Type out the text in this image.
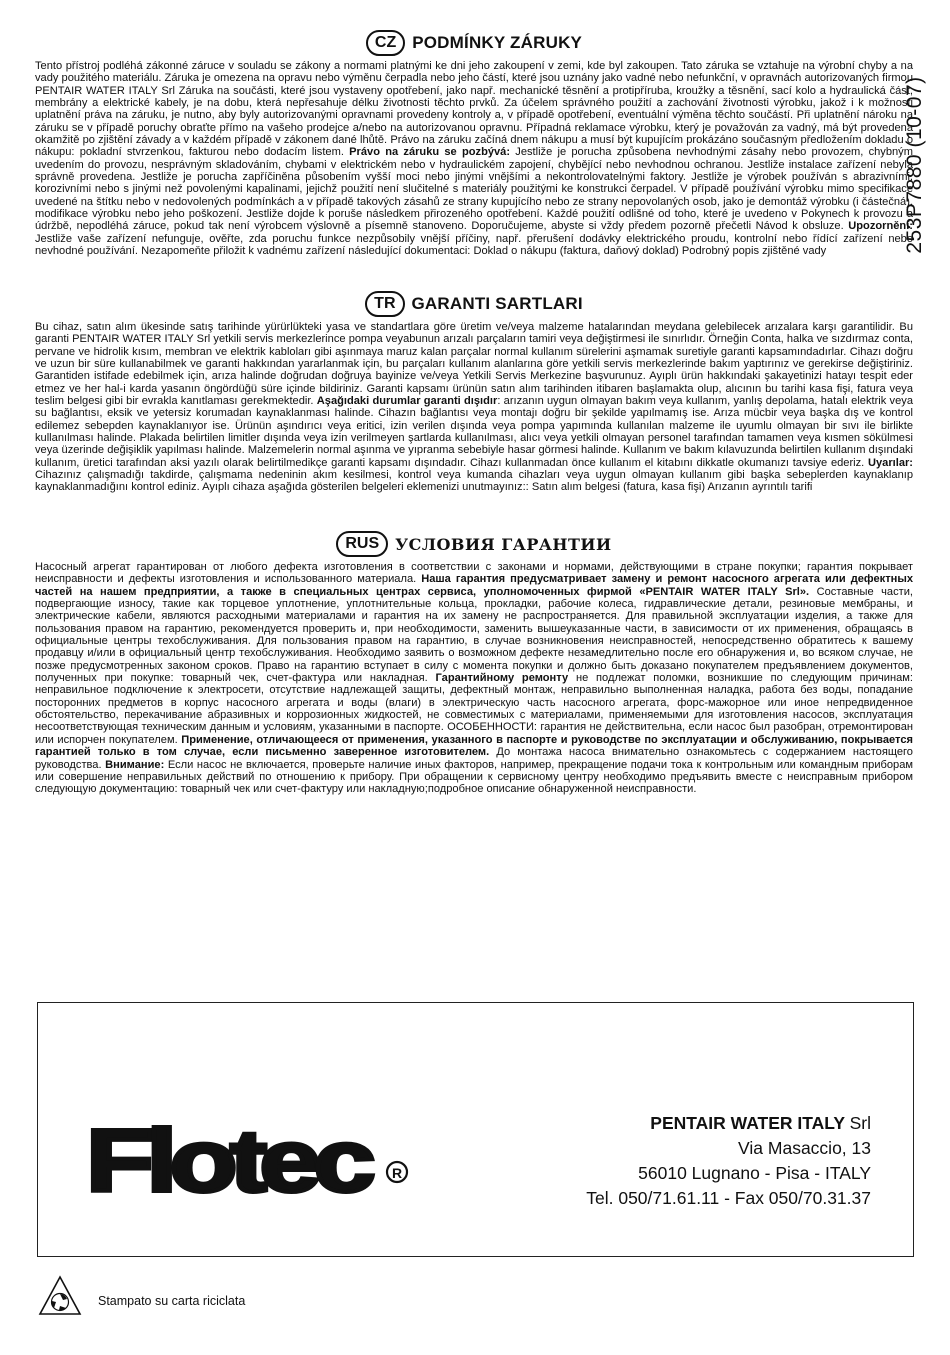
253P7880 (10-07)
CZ PODMÍNKY ZÁRUKY

Tento přístroj podléhá zákonné záruce v souladu se zákony a normami platnými ke dni jeho zakoupení v zemi, kde byl zakoupen. Tato záruka se vztahuje na výrobní chyby a na vady použitého materiálu. Záruka je omezena na opravu nebo výměnu čerpadla nebo jeho částí, které jsou uznány jako vadné nebo nefunkční, v opravnách autorizovaných firmou PENTAIR WATER ITALY Srl Záruka na součásti, které jsou vystaveny opotřebení, jako např. mechanické těsnění a protipříruba, kroužky a těsnění, sací kolo a hydraulická část, membrány a elektrické kabely, je na dobu, která nepřesahuje délku životnosti těchto prvků. Za účelem správného použití a zachování životnosti výrobku, jakož i k možnosti uplatnění práva na záruku, je nutno, aby byly autorizovanými opravnami provedeny kontroly a, v případě opotřebení, eventuální výměna těchto součástí. Při uplatnění nároku na záruku se v případě poruchy obraťte přímo na vašeho prodejce a/nebo na autorizovanou opravnu. Případná reklamace výrobku, který je považován za vadný, má být provedena okamžitě po zjištění závady a v každém případě v zákonem dané lhůtě. Právo na záruku začíná dnem nákupu a musí být kupujícím prokázáno současným předložením dokladu o nákupu: pokladní stvrzenkou, fakturou nebo dodacím listem. Právo na záruku se pozbývá: Jestliže je porucha způsobena nevhodnými zásahy nebo provozem, chybným uvedením do provozu, nesprávným skladováním, chybami v elektrickém nebo v hydraulickém zapojení, chybějící nebo nevhodnou ochranou. Jestliže instalace zařízení nebyla správně provedena. Jestliže je porucha zapříčiněna působením vyšší moci nebo jinými vnějšími a nekontrolovatelnými faktory. Jestliže je výrobek používán s abrazivními, korozivními nebo s jinými než povolenými kapalinami, jejichž použití není slučitelné s materiály použitými ke konstrukci čerpadel. V případě používání výrobku mimo specifikace uvedené na štítku nebo v nedovolených podmínkách a v případě takových zásahů ze strany kupujícího nebo ze strany nepovolaných osob, jako je demontáž výrobku (i částečná), modifikace výrobku nebo jeho poškození. Jestliže dojde k poruše následkem přirozeného opotřebení. Každé použití odlišné od toho, které je uvedeno v Pokynech k provozu a údržbě, nepodléhá záruce, pokud tak není výrobcem výslovně a písemně stanoveno. Doporučujeme, abyste si vždy předem pozorně přečetli Návod k obsluze. Upozornění: Jestliže vaše zařízení nefunguje, ověřte, zda poruchu funkce nezpůsobily vnější příčiny, např. přerušení dodávky elektrického proudu, kontrolní nebo řídící zařízení nebo nevhodné používání. Nezapomeňte přiložit k vadnému zařízení následující dokumentaci: Doklad o nákupu (faktura, daňový doklad) Podrobný popis zjištěné vady

TR GARANTI SARTLARI

Bu cihaz, satın alım ükesinde satış tarihinde yürürlükteki yasa ve standartlara göre üretim ve/veya malzeme hatalarından meydana gelebilecek arızalara karşı garantilidir. Bu garanti PENTAIR WATER ITALY Srl yetkili servis merkezlerince pompa veyabunun arızalı parçaların tamiri veya değiştirmesi ile sınırlıdır. Örneğin Conta, halka ve sızdırmaz conta, pervane ve hidrolik kısım, membran ve elektrik kabloları gibi aşınmaya maruz kalan parçalar normal kullanım sürelerini aşmamak suretiyle garanti kapsamındadırlar. Cihazı doğru ve uzun bir süre kullanabilmek ve garanti hakkından yararlanmak için, bu parçaları kullanım alanlarına göre yetkili servis merkezlerinde bakım yaptırınız ve gerekirse değiştiriniz. Garantiden istifade edebilmek için, arıza halinde doğrudan doğruya bayinize ve/veya Yetkili Servis Merkezine başvurunuz. Ayıplı ürün hakkındaki şakayetinizi hatayı tespit eder etmez ve her hal-i karda yasanın öngördüğü süre içinde bildiriniz. Garanti kapsamı ürünün satın alım tarihinden itibaren başlamakta olup, alıcının bu tarihi kasa fişi, fatura veya teslim belgesi gibi bir evrakla kanıtlaması gerekmektedir. Aşağıdaki durumlar garanti dışıdır: arızanın uygun olmayan bakım veya kullanım, yanlış depolama, hatalı elektrik veya su bağlantısı, eksik ve yetersiz korumadan kaynaklanması halinde. Cihazın bağlantısı veya montajı doğru bir şekilde yapılmamış ise. Arıza mücbir veya başka dış ve kontrol edilemez sebepden kaynaklanıyor ise. Ürünün aşındırıcı veya eritici, izin verilen dışında veya pompa yapımında kullanılan malzeme ile uyumlu olmayan bir sıvı ile birlikte kullanılması halinde. Plakada belirtilen limitler dışında veya izin verilmeyen şartlarda kullanılması, alıcı veya yetkili olmayan personel tarafından tamamen veya kısmen sökülmesi veya üzerinde değişiklik yapılması halinde. Malzemelerin normal aşınma ve yıpranma sebebiyle hasar görmesi halinde. Kullanım ve bakım kılavuzunda belirtilen kullanım dışındaki kullanım, üretici tarafından aksi yazılı olarak belirtilmedikçe garanti kapsamı dışındadır. Cihazı kullanmadan önce kullanım el kitabını dikkatle okumanızı tavsiye ederiz. Uyarılar: Cihazınız çalışmadığı takdirde, çalışmama nedeninin akım kesilmesi, kontrol veya kumanda cihazları veya uygun olmayan kullanım gibi başka sebeplerden kaynaklanıp kaynaklanmadığını kontrol ediniz. Ayıplı cihaza aşağıda gösterilen belgeleri eklemenizi unutmayınız:: Satın alım belgesi (fatura, kasa fişi) Arızanın ayrıntılı tarifi

RUS	УСЛОВИЯ ГАРАНТИИ

Насосный агрегат гарантирован от любого дефекта изготовления в соответствии с законами и нормами, действующими в стране покупки; гарантия покрывает неисправности и дефекты изготовления и использованного материала. Наша гарантия предусматривает замену и ремонт насосного агрегата или дефектных частей на нашем предприятии, а также в специальных центрах сервиса, уполномоченных фирмой «PENTAIR WATER ITALY Srl». Составные части, подвергающие износу, такие как торцевое уплотнение, уплотнительные кольца, прокладки, рабочие колеса, гидравлические детали, резиновые мембраны, и электрические кабели, являются расходными материалами и гарантия на их замену не распространяется. Для правильной эксплуатации изделия, а также для пользования правом на гарантию, рекомендуется проверить и, при необходимости, заменить вышеуказанные части, в зависимости от их применения, обращаясь в официальные центры техобслуживания. Для пользования правом на гарантию, в случае возникновения неисправностей, непосредственно обратитесь к вашему продавцу и/или в официальный центр техобслуживания. Необходимо заявить о возможном дефекте незамедлительно после его обнаружения и, во всяком случае, не позже предусмотренных законом сроков. Право на гарантию вступает в силу с момента покупки и должно быть доказано покупателем предъявлением документов, полученных при покупке: товарный чек, счет-фактура или накладная. Гарантийному ремонту не подлежат поломки, возникшие по следующим причинам: неправильное подключение к электросети, отсутствие надлежащей защиты, дефектный монтаж, неправильно выполненная наладка, работа без воды, попадание посторонних предметов в корпус насосного агрегата и воды (влаги) в электрическую часть насосного агрегата, форс-мажорное или иное непредвиденное обстоятельство, перекачивание абразивных и коррозионных жидкостей, не совместимых с материалами, применяемыми для изготовления насосов, эксплуатация несоответствующая техническим данным и условиям, указанными в паспорте. ОСОБЕННОСТИ: гарантия не действительна, если насос был разобран, отремонтирован или испорчен покупателем. Применение, отличающееся от применения, указанного в паспорте и руководстве по эксплуатации и обслуживанию, покрывается гарантией только в том случае, если письменно заверенное изготовителем. До монтажа насоса внимательно ознакомьтесь с содержанием настоящего руководства. Внимание: Если насос не включается, проверьте наличие иных факторов, например, прекращение подачи тока к контрольным или командным приборам или совершение неправильных действий по отношению к прибору. При обращении к сервисному центру необходимо предъявить вместе с неисправным прибором следующую документацию: товарный чек или счет-фактуру или накладную;подробное описание обнаруженной неисправности.

Flotec R
PENTAIR WATER ITALY Srl
Via Masaccio, 13
56010 Lugnano - Pisa - ITALY
Tel. 050/71.61.11 - Fax 050/70.31.37
Stampato su carta riciclata
